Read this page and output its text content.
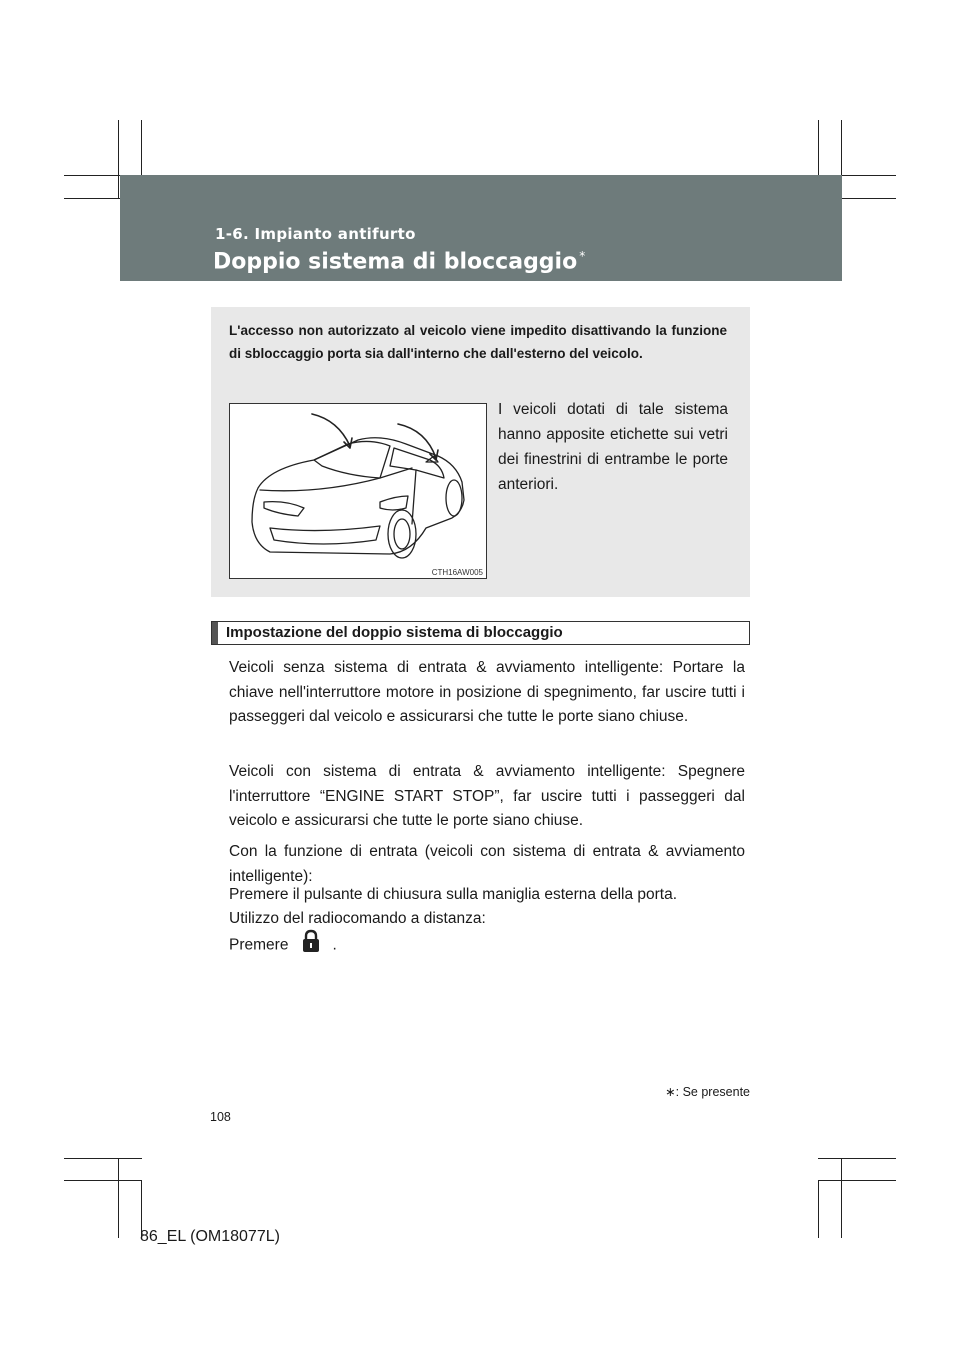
1-6. Impianto antifurto
Doppio sistema di bloccaggio *
L'accesso non autorizzato al veicolo viene impedito disattivando la funzione di sbloccaggio porta sia dall'interno che dall'esterno del veicolo.
CTH16AW005
I veicoli dotati di tale sistema hanno apposite etichette sui vetri dei finestrini di entrambe le porte anteriori.
Impostazione del doppio sistema di bloccaggio
Veicoli senza sistema di entrata & avviamento intelligente: Portare la chiave nell'interruttore motore in posizione di spegnimento, far uscire tutti i passeggeri dal veicolo e assicurarsi che tutte le porte siano chiuse.
Veicoli con sistema di entrata & avviamento intelligente: Spegnere l'interruttore “ENGINE START STOP”, far uscire tutti i passeggeri dal veicolo e assicurarsi che tutte le porte siano chiuse.
Con la funzione di entrata (veicoli con sistema di entrata & avviamento intelligente):
Premere il pulsante di chiusura sulla maniglia esterna della porta.
Utilizzo del radiocomando a distanza:
Premere	.
∗: Se presente
108
86_EL (OM18077L)
